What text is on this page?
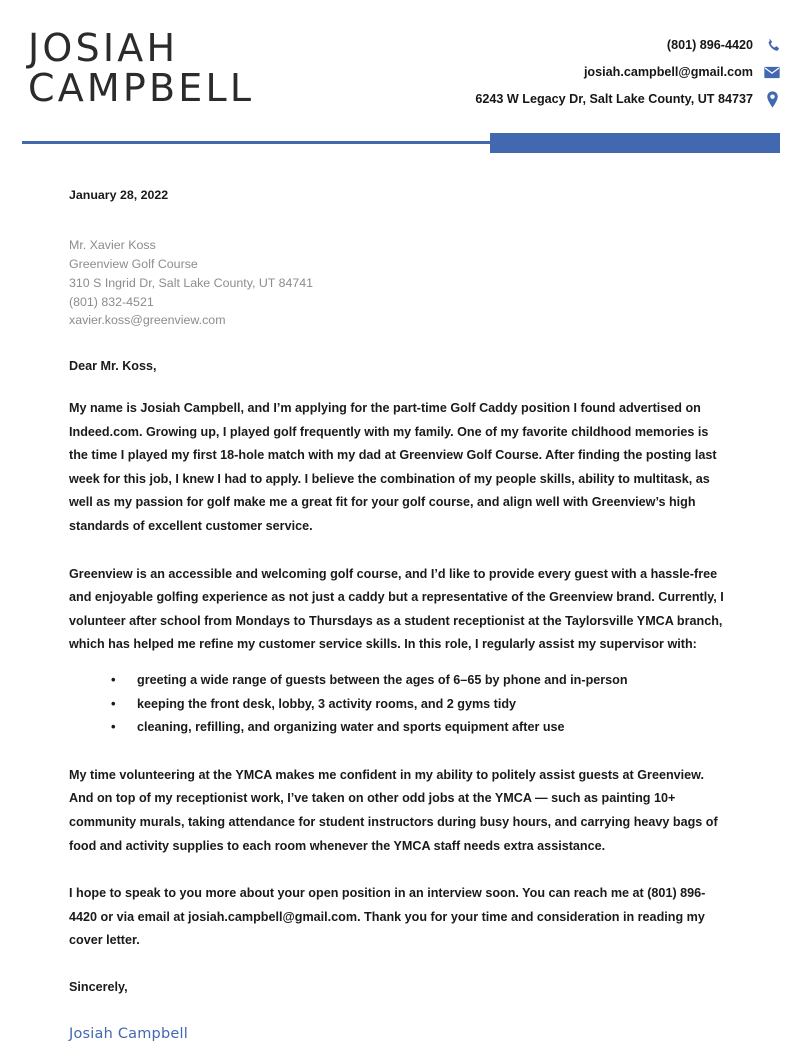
JOSIAH
CAMPBELL
(801) 896-4420
josiah.campbell@gmail.com
6243 W Legacy Dr, Salt Lake County, UT 84737
January 28, 2022
Mr. Xavier Koss
Greenview Golf Course
310 S Ingrid Dr, Salt Lake County, UT 84741
(801) 832-4521
xavier.koss@greenview.com
Dear Mr. Koss,

My name is Josiah Campbell, and I’m applying for the part-time Golf Caddy position I found advertised on Indeed.com. Growing up, I played golf frequently with my family. One of my favorite childhood memories is the time I played my first 18-hole match with my dad at Greenview Golf Course. After finding the posting last week for this job, I knew I had to apply. I believe the combination of my people skills, ability to multitask, as well as my passion for golf make me a great fit for your golf course, and align well with Greenview’s high standards of excellent customer service.

Greenview is an accessible and welcoming golf course, and I’d like to provide every guest with a hassle-free and enjoyable golfing experience as not just a caddy but a representative of the Greenview brand. Currently, I volunteer after school from Mondays to Thursdays as a student receptionist at the Taylorsville YMCA branch, which has helped me refine my customer service skills. In this role, I regularly assist my supervisor with:

• greeting a wide range of guests between the ages of 6–65 by phone and in-person
• keeping the front desk, lobby, 3 activity rooms, and 2 gyms tidy
• cleaning, refilling, and organizing water and sports equipment after use

My time volunteering at the YMCA makes me confident in my ability to politely assist guests at Greenview. And on top of my receptionist work, I’ve taken on other odd jobs at the YMCA — such as painting 10+ community murals, taking attendance for student instructors during busy hours, and carrying heavy bags of food and activity supplies to each room whenever the YMCA staff needs extra assistance.

I hope to speak to you more about your open position in an interview soon. You can reach me at (801) 896-4420 or via email at josiah.campbell@gmail.com. Thank you for your time and consideration in reading my cover letter.

Sincerely,
Josiah Campbell
